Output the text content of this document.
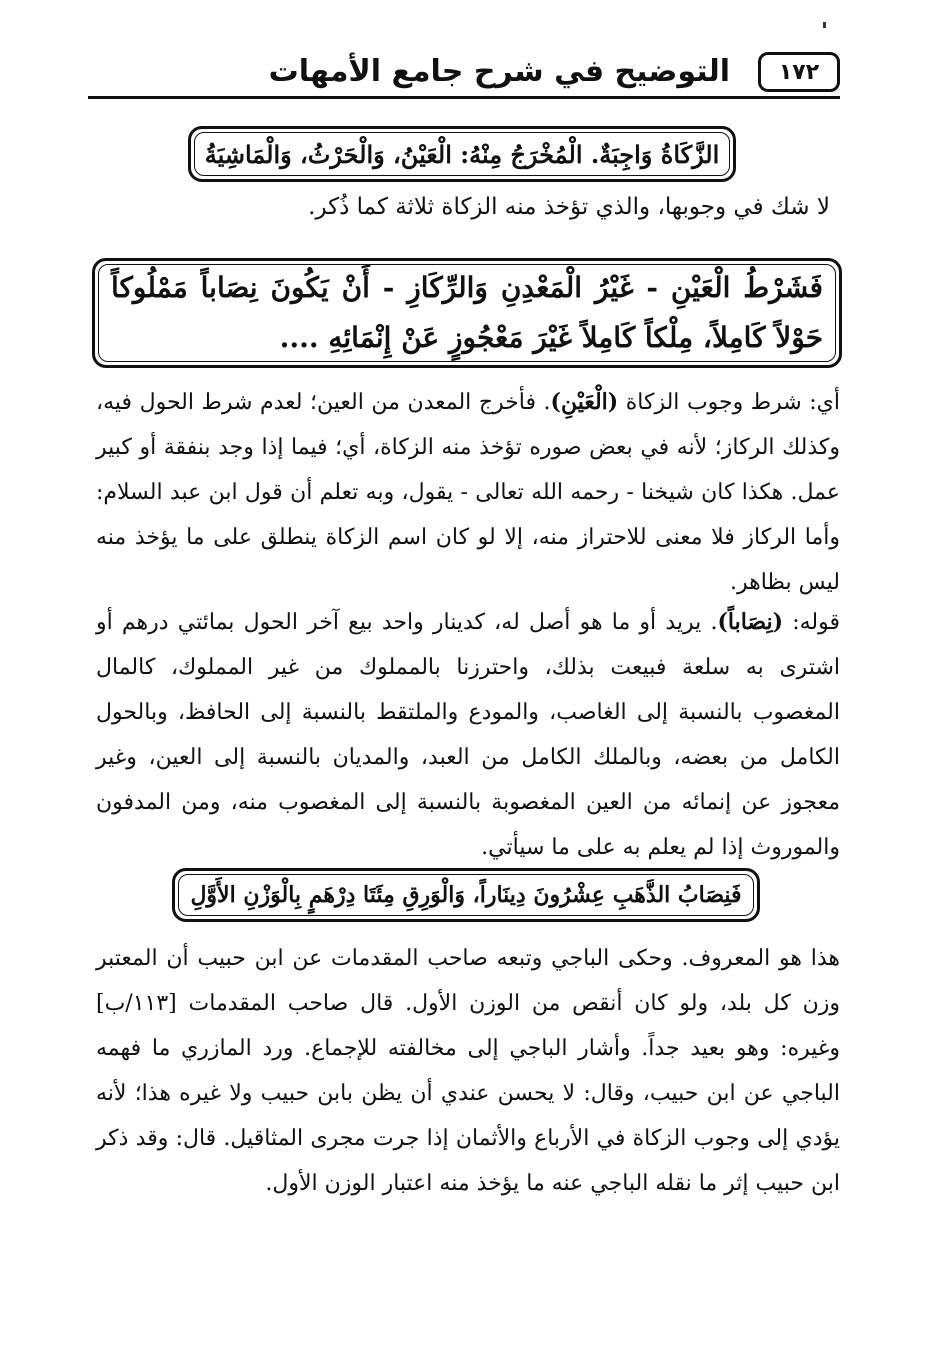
١٧٢
التوضيح في شرح جامع الأمهات
الزَّكَاةُ وَاجِبَةٌ. الْمُخْرَجُ مِنْهُ: الْعَيْنُ، وَالْحَرْثُ، وَالْمَاشِيَةُ
لا شك في وجوبها، والذي تؤخذ منه الزكاة ثلاثة كما ذُكر.
فَشَرْطُ الْعَيْنِ - غَيْرُ الْمَعْدِنِ وَالرِّكَازِ - أَنْ يَكُونَ نِصَاباً مَمْلُوكاً حَوْلاً كَامِلاً، مِلْكاً كَامِلاً غَيْرَ مَعْجُوزٍ عَنْ إِنْمَائِهِ ....
أي: شرط وجوب الزكاة (الْعَيْنِ). فأخرج المعدن من العين؛ لعدم شرط الحول فيه، وكذلك الركاز؛ لأنه في بعض صوره تؤخذ منه الزكاة، أي؛ فيما إذا وجد بنفقة أو كبير عمل. هكذا كان شيخنا - رحمه الله تعالى - يقول، وبه تعلم أن قول ابن عبد السلام: وأما الركاز فلا معنى للاحتراز منه، إلا لو كان اسم الزكاة ينطلق على ما يؤخذ منه ليس بظاهر.
قوله: (نِصَاباً). يريد أو ما هو أصل له، كدينار واحد بيع آخر الحول بمائتي درهم أو اشترى به سلعة فبيعت بذلك، واحترزنا بالمملوك من غير المملوك، كالمال المغصوب بالنسبة إلى الغاصب، والمودع والملتقط بالنسبة إلى الحافظ، وبالحول الكامل من بعضه، وبالملك الكامل من العبد، والمديان بالنسبة إلى العين، وغير معجوز عن إنمائه من العين المغصوبة بالنسبة إلى المغصوب منه، ومن المدفون والموروث إذا لم يعلم به على ما سيأتي.
فَنِصَابُ الذَّهَبِ عِشْرُونَ دِينَاراً، وَالْوَرِقِ مِئَتَا دِرْهَمٍ بِالْوَزْنِ الأَوَّلِ
هذا هو المعروف. وحكى الباجي وتبعه صاحب المقدمات عن ابن حبيب أن المعتبر وزن كل بلد، ولو كان أنقص من الوزن الأول. قال صاحب المقدمات [١١٣/ب] وغيره: وهو بعيد جداً. وأشار الباجي إلى مخالفته للإجماع. ورد المازري ما فهمه الباجي عن ابن حبيب، وقال: لا يحسن عندي أن يظن بابن حبيب ولا غيره هذا؛ لأنه يؤدي إلى وجوب الزكاة في الأرباع والأثمان إذا جرت مجرى المثاقيل. قال: وقد ذكر ابن حبيب إثر ما نقله الباجي عنه ما يؤخذ منه اعتبار الوزن الأول.
